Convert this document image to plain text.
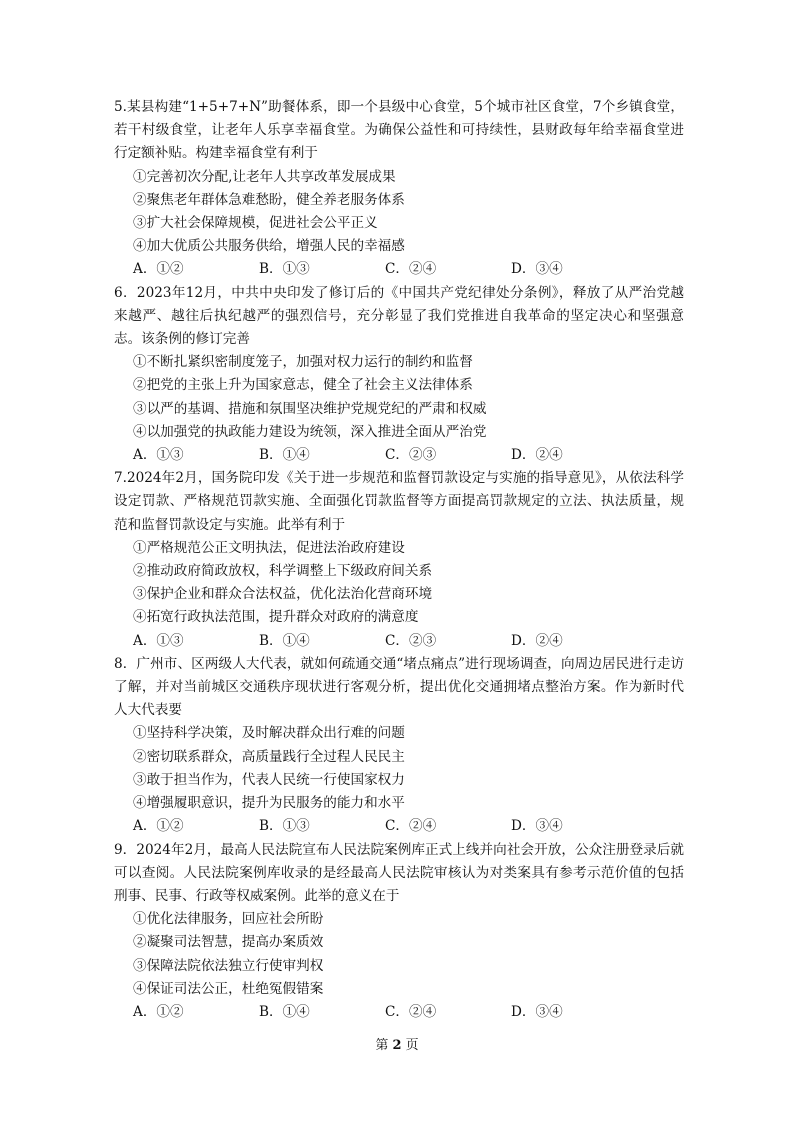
5.某县构建“1+5+7+N”助餐体系，即一个县级中心食堂，5个城市社区食堂，7个乡镇食堂，若干村级食堂，让老年人乐享幸福食堂。为确保公益性和可持续性，县财政每年给幸福食堂进行定额补贴。构建幸福食堂有利于

①完善初次分配,让老年人共享改革发展成果

②聚焦老年群体急难愁盼，健全养老服务体系

③扩大社会保障规模，促进社会公平正义

④加大优质公共服务供给，增强人民的幸福感

A．①②	B．①③	C．②④	D．③④

6．2023年12月，中共中央印发了修订后的《中国共产党纪律处分条例》，释放了从严治党越来越严、越往后执纪越严的强烈信号，充分彰显了我们党推进自我革命的坚定决心和坚强意志。该条例的修订完善

①不断扎紧织密制度笼子，加强对权力运行的制约和监督

②把党的主张上升为国家意志，健全了社会主义法律体系

③以严的基调、措施和氛围坚决维护党规党纪的严肃和权威

④以加强党的执政能力建设为统领，深入推进全面从严治党

A．①③	B．①④	C．②③	D．②④

7.2024年2月，国务院印发《关于进一步规范和监督罚款设定与实施的指导意见》，从依法科学设定罚款、严格规范罚款实施、全面强化罚款监督等方面提高罚款规定的立法、执法质量，规范和监督罚款设定与实施。此举有利于

①严格规范公正文明执法，促进法治政府建设

②推动政府简政放权，科学调整上下级政府间关系

③保护企业和群众合法权益，优化法治化营商环境

④拓宽行政执法范围，提升群众对政府的满意度

A．①③	B．①④	C．②③	D．②④

8．广州市、区两级人大代表，就如何疏通交通“堵点痛点”进行现场调查，向周边居民进行走访了解，并对当前城区交通秩序现状进行客观分析，提出优化交通拥堵点整治方案。作为新时代人大代表要

①坚持科学决策，及时解决群众出行难的问题

②密切联系群众，高质量践行全过程人民民主

③敢于担当作为，代表人民统一行使国家权力

④增强履职意识，提升为民服务的能力和水平

A．①②	B．①③	C．②④	D．③④

9．2024年2月，最高人民法院宣布人民法院案例库正式上线并向社会开放，公众注册登录后就可以查阅。人民法院案例库收录的是经最高人民法院审核认为对类案具有参考示范价值的包括刑事、民事、行政等权威案例。此举的意义在于

①优化法律服务，回应社会所盼

②凝聚司法智慧，提高办案质效

③保障法院依法独立行使审判权

④保证司法公正，杜绝冤假错案

A．①②	B．①④	C．②④	D．③④
第 2 页
